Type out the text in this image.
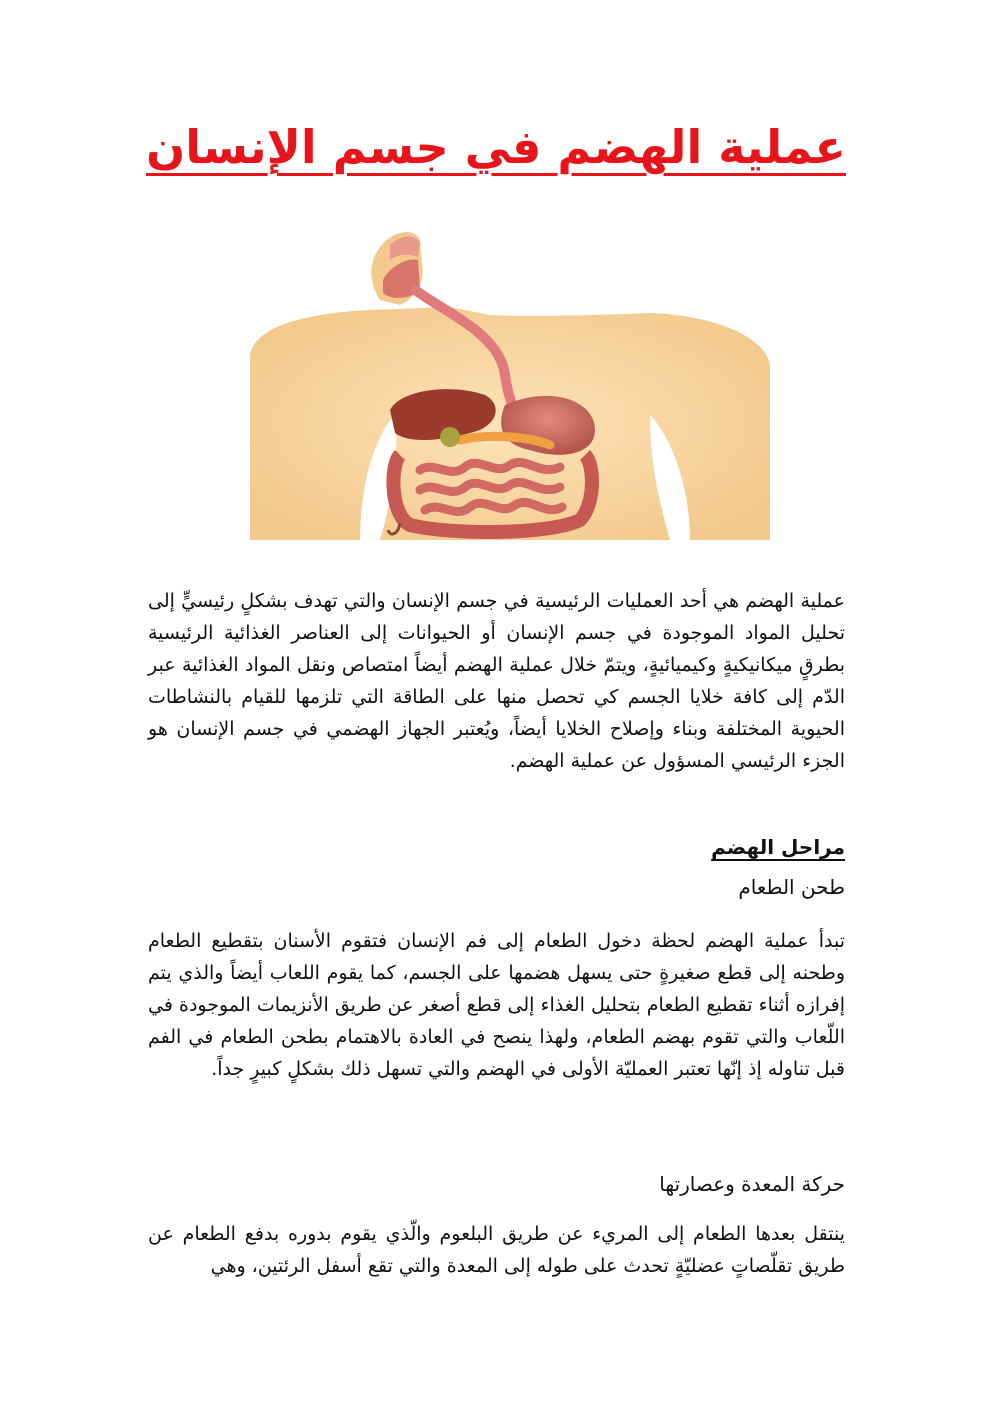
عملية الهضم في جسم الإنسان
عملية الهضم هي أحد العمليات الرئيسية في جسم الإنسان والتي تهدف بشكلٍ رئيسيٍّ إلى تحليل المواد الموجودة في جسم الإنسان أو الحيوانات إلى العناصر الغذائية الرئيسية بطرقٍ ميكانيكيةٍ وكيميائيةٍ، ويتمّ خلال عملية الهضم أيضاً امتصاص ونقل المواد الغذائية عبر الدّم إلى كافة خلايا الجسم كي تحصل منها على الطاقة التي تلزمها للقيام بالنشاطات الحيوية المختلفة وبناء وإصلاح الخلايا أيضاً، ويُعتبر الجهاز الهضمي في جسم الإنسان هو الجزء الرئيسي المسؤول عن عملية الهضم.
مراحل الهضم
طحن الطعام
تبدأ عملية الهضم لحظة دخول الطعام إلى فم الإنسان فتقوم الأسنان بتقطيع الطعام وطحنه إلى قطع صغيرةٍ حتى يسهل هضمها على الجسم، كما يقوم اللعاب أيضاً والذي يتم إفرازه أثناء تقطيع الطعام بتحليل الغذاء إلى قطع أصغر عن طريق الأنزيمات الموجودة في اللّعاب والتي تقوم بهضم الطعام، ولهذا ينصح في العادة بالاهتمام بطحن الطعام في الفم قبل تناوله إذ إنّها تعتبر العمليّة الأولى في الهضم والتي تسهل ذلك بشكلٍ كبيرٍ جداً.
حركة المعدة وعصارتها
ينتقل بعدها الطعام إلى المريء عن طريق البلعوم والّذي يقوم بدوره بدفع الطعام عن طريق تقلّصاتٍ عضليّةٍ تحدث على طوله إلى المعدة والتي تقع أسفل الرئتين، وهي
